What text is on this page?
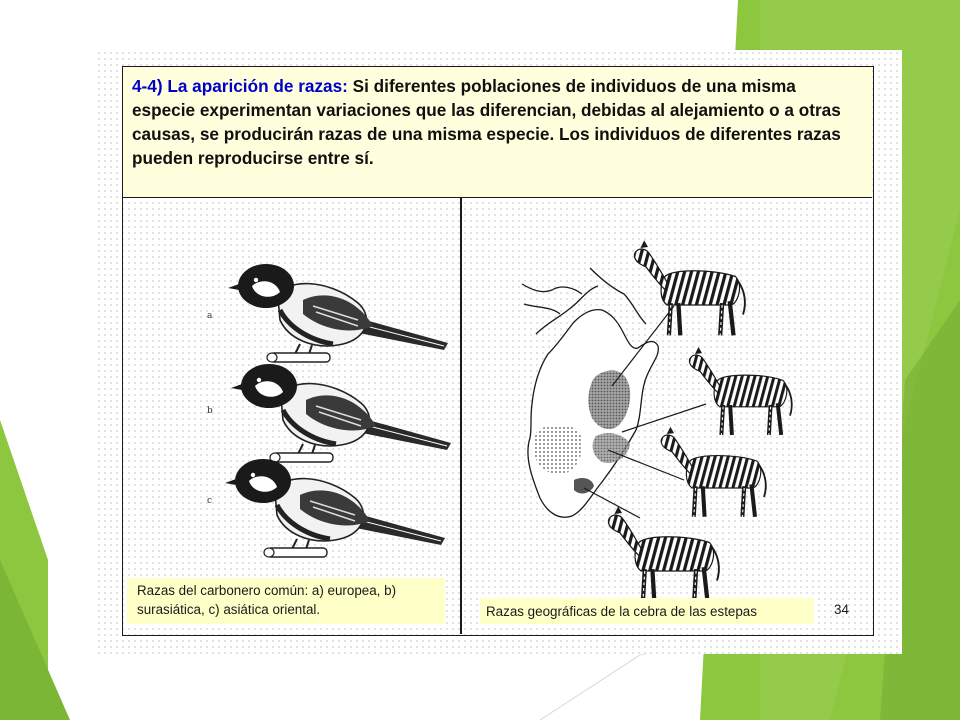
4-4) La aparición de razas: Si diferentes poblaciones de individuos de una misma especie experimentan variaciones que las diferencian, debidas al alejamiento o a otras causas, se producirán razas de una misma especie. Los individuos de diferentes razas pueden reproducirse entre sí.
a
b
c
Razas del carbonero común: a) europea, b) surasiática, c) asiática oriental.	Razas geográficas de la cebra de las estepas	34
